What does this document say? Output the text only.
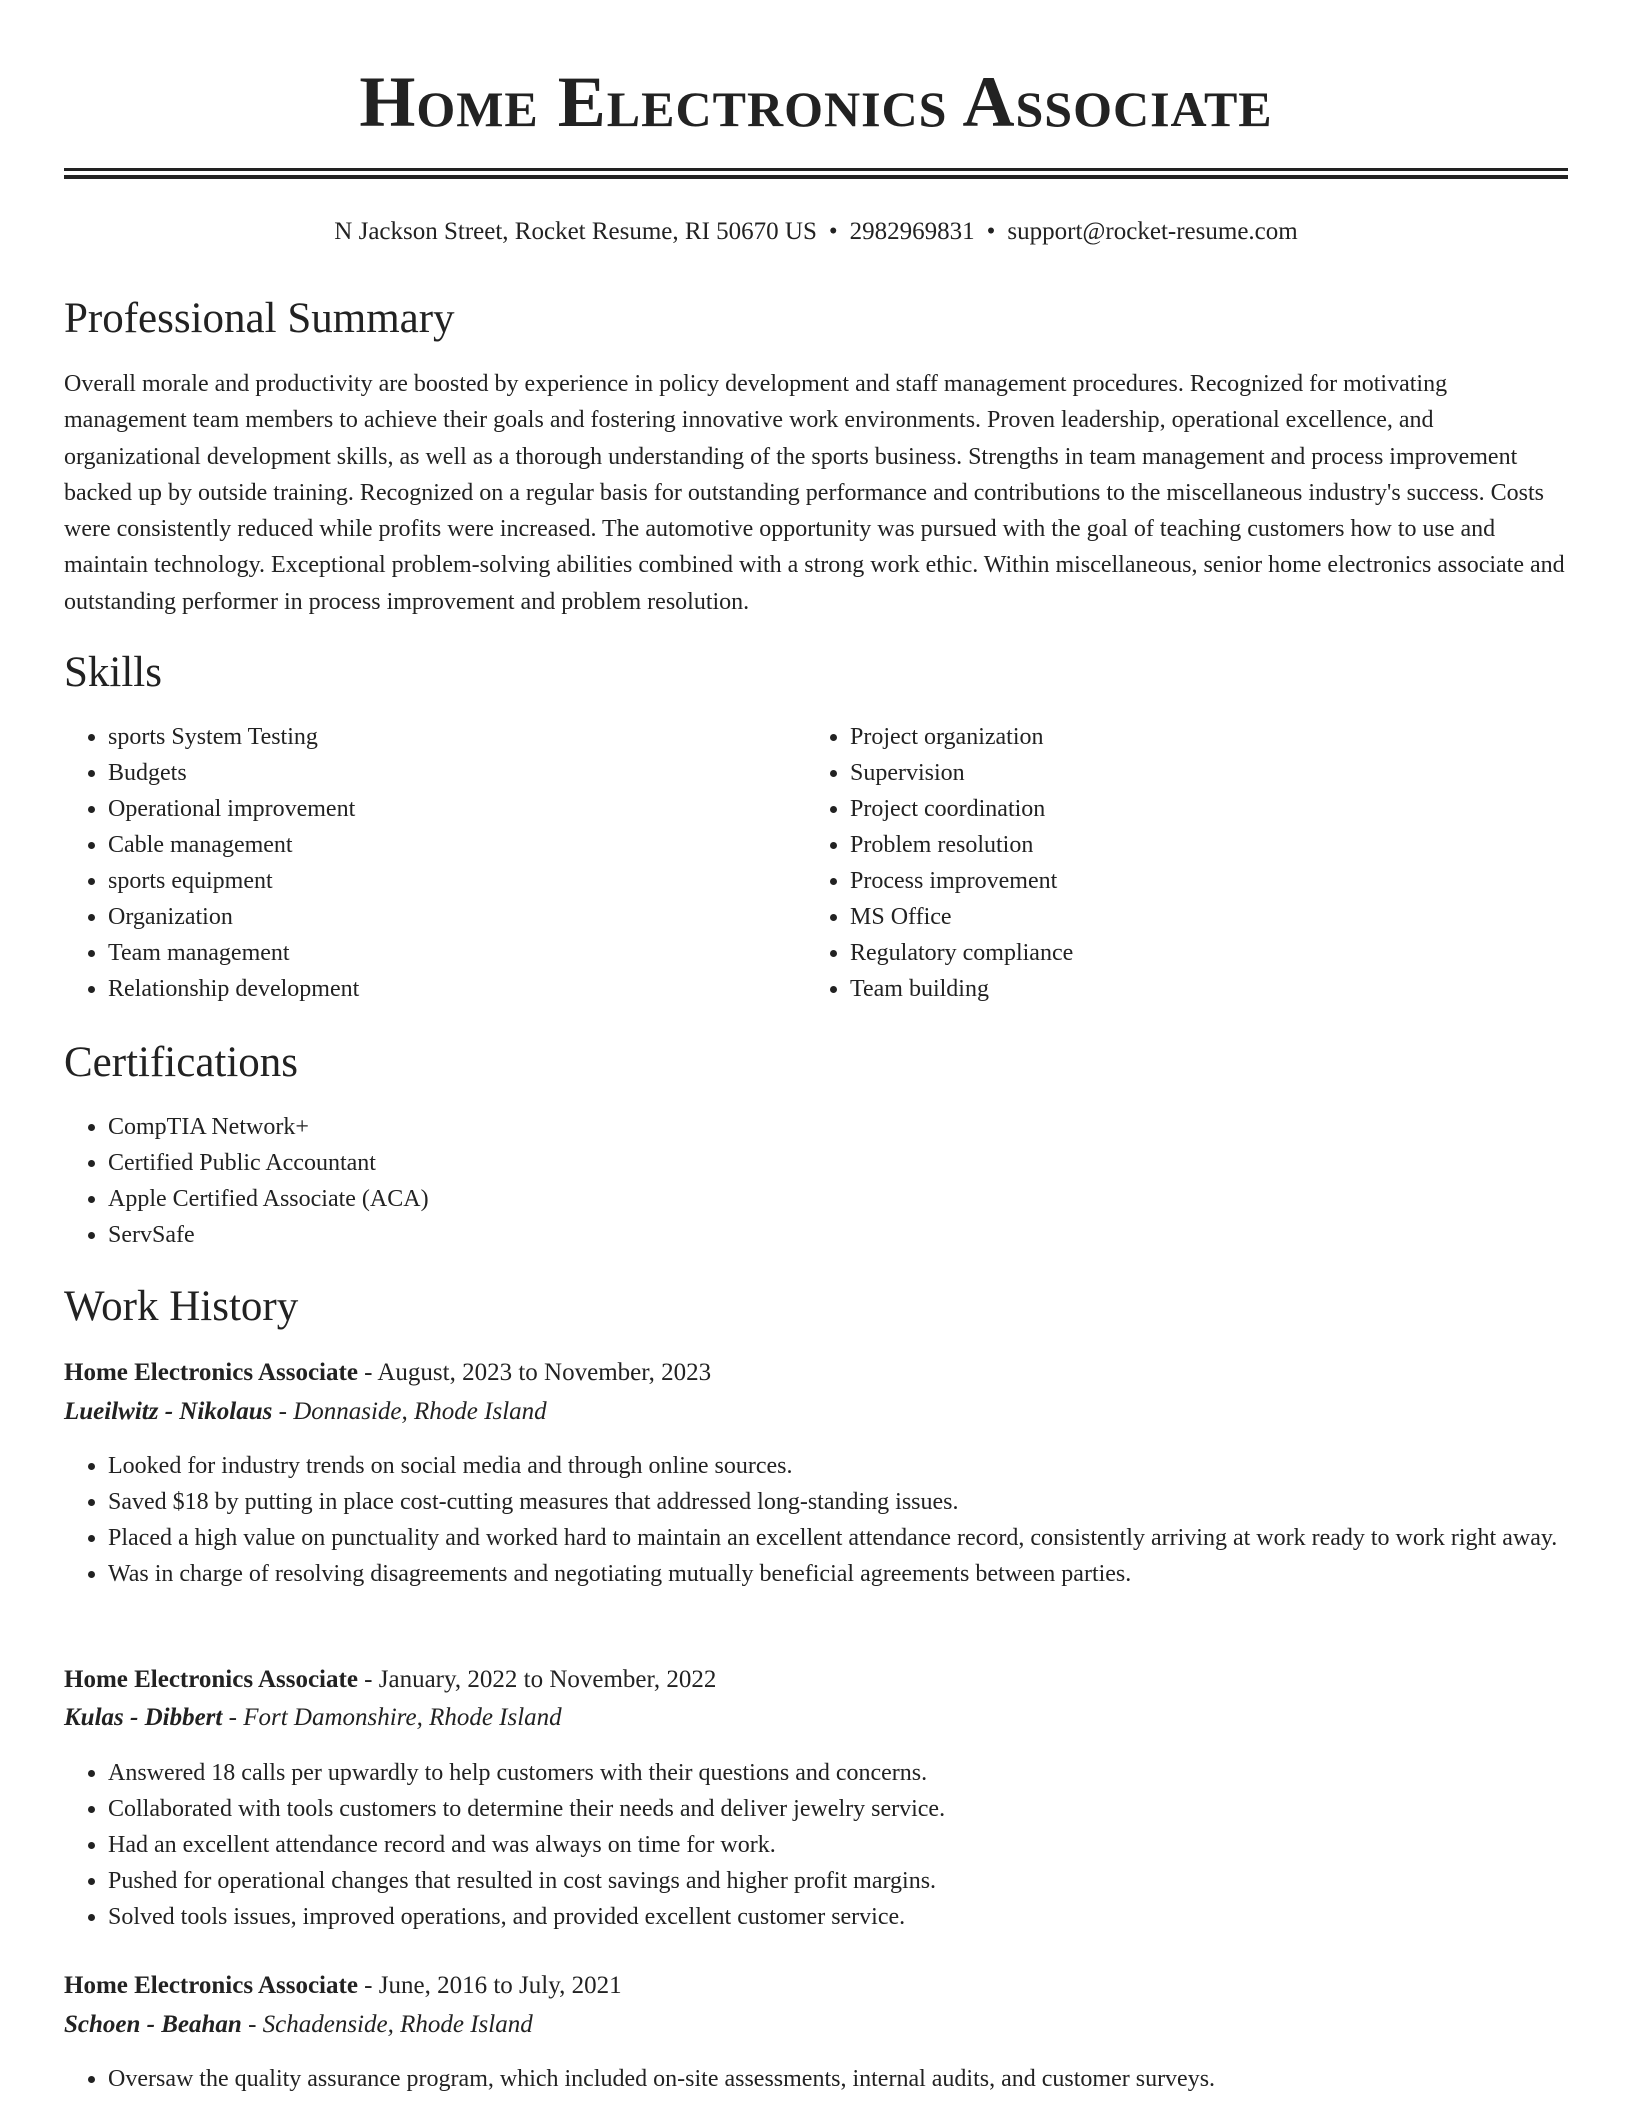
Home Electronics Associate
N Jackson Street, Rocket Resume, RI 50670 US • 2982969831 • support@rocket-resume.com
Professional Summary

Overall morale and productivity are boosted by experience in policy development and staff management procedures. Recognized for motivating management team members to achieve their goals and fostering innovative work environments. Proven leadership, operational excellence, and organizational development skills, as well as a thorough understanding of the sports business. Strengths in team management and process improvement backed up by outside training. Recognized on a regular basis for outstanding performance and contributions to the miscellaneous industry's success. Costs were consistently reduced while profits were increased. The automotive opportunity was pursued with the goal of teaching customers how to use and maintain technology. Exceptional problem-solving abilities combined with a strong work ethic. Within miscellaneous, senior home electronics associate and outstanding performer in process improvement and problem resolution.

Skills
• sports System Testing
• Budgets
• Operational improvement
• Cable management
• sports equipment
• Organization
• Team management
• Relationship development
• Project organization
• Supervision
• Project coordination
• Problem resolution
• Process improvement
• MS Office
• Regulatory compliance
• Team building
Certifications
• CompTIA Network+
• Certified Public Accountant
• Apple Certified Associate (ACA)
• ServSafe
Work History
Home Electronics Associate - August, 2023 to November, 2023
Lueilwitz - Nikolaus - Donnaside, Rhode Island
• Looked for industry trends on social media and through online sources.
• Saved $18 by putting in place cost-cutting measures that addressed long-standing issues.
• Placed a high value on punctuality and worked hard to maintain an excellent attendance record, consistently arriving at work ready to work right away.
• Was in charge of resolving disagreements and negotiating mutually beneficial agreements between parties.
Home Electronics Associate - January, 2022 to November, 2022
Kulas - Dibbert - Fort Damonshire, Rhode Island
• Answered 18 calls per upwardly to help customers with their questions and concerns.
• Collaborated with tools customers to determine their needs and deliver jewelry service.
• Had an excellent attendance record and was always on time for work.
• Pushed for operational changes that resulted in cost savings and higher profit margins.
• Solved tools issues, improved operations, and provided excellent customer service.
Home Electronics Associate - June, 2016 to July, 2021
Schoen - Beahan - Schadenside, Rhode Island
• Oversaw the quality assurance program, which included on-site assessments, internal audits, and customer surveys.
